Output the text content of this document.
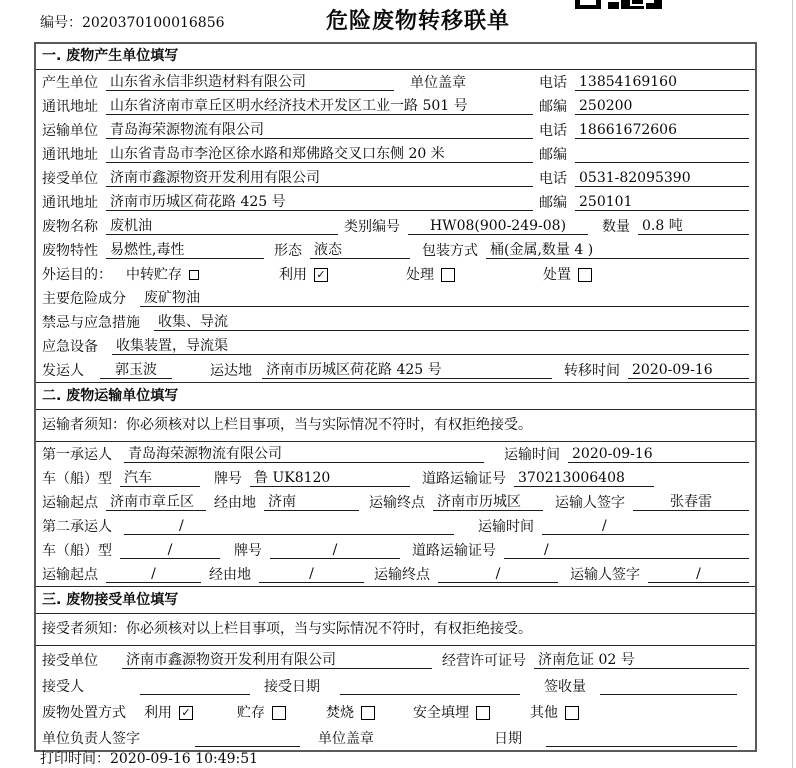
编号：2020370100016856	危险废物转移联单
一. 废物产生单位填写
产生单位 山东省永信非织造材料有限公司	单位盖章	电话 13854169160
通讯地址 山东省济南市章丘区明水经济技术开发区工业一路 501 号	邮编 250200
运输单位 青岛海荣源物流有限公司	电话 18661672606
通讯地址 山东省青岛市李沧区徐水路和郑佛路交叉口东侧 20 米	邮编
接受单位 济南市鑫源物资开发利用有限公司	电话 0531-82095390
通讯地址 济南市历城区荷花路 425 号	邮编 250101
废物名称 废机油	类别编号	HW08(900-249-08)	数量 0.8 吨
废物特性 易燃性,毒性	形态 液态	包装方式 桶(金属,数量 4 )
外运目的： 中转贮存	利用 ✓	处理	处置
主要危险成分 废矿物油
禁忌与应急措施 收集、导流
应急设备 收集装置，导流渠
发运人	郭玉波	运达地 济南市历城区荷花路 425 号	转移时间 2020-09-16
二. 废物运输单位填写
运输者须知：你必须核对以上栏目事项，当与实际情况不符时，有权拒绝接受。
第一承运人 青岛海荣源物流有限公司	运输时间 2020-09-16
车（船）型 汽车	牌号 鲁 UK8120	道路运输证号 370213006408
运输起点 济南市章丘区	经由地 济南	运输终点 济南市历城区	运输人签字	张春雷
第二承运人	/	运输时间	/
车（船）型	/	牌号	/	道路运输证号	/
运输起点	/	经由地	/	运输终点	/	运输人签字	/
三. 废物接受单位填写
接受者须知：你必须核对以上栏目事项，当与实际情况不符时，有权拒绝接受。
接受单位 济南市鑫源物资开发利用有限公司	经营许可证号 济南危证 02 号
接受人	接受日期	签收量
废物处置方式 利用 ✓	贮存	焚烧	安全填埋	其他
单位负责人签字	单位盖章	日期
打印时间：2020-09-16 10:49:51
